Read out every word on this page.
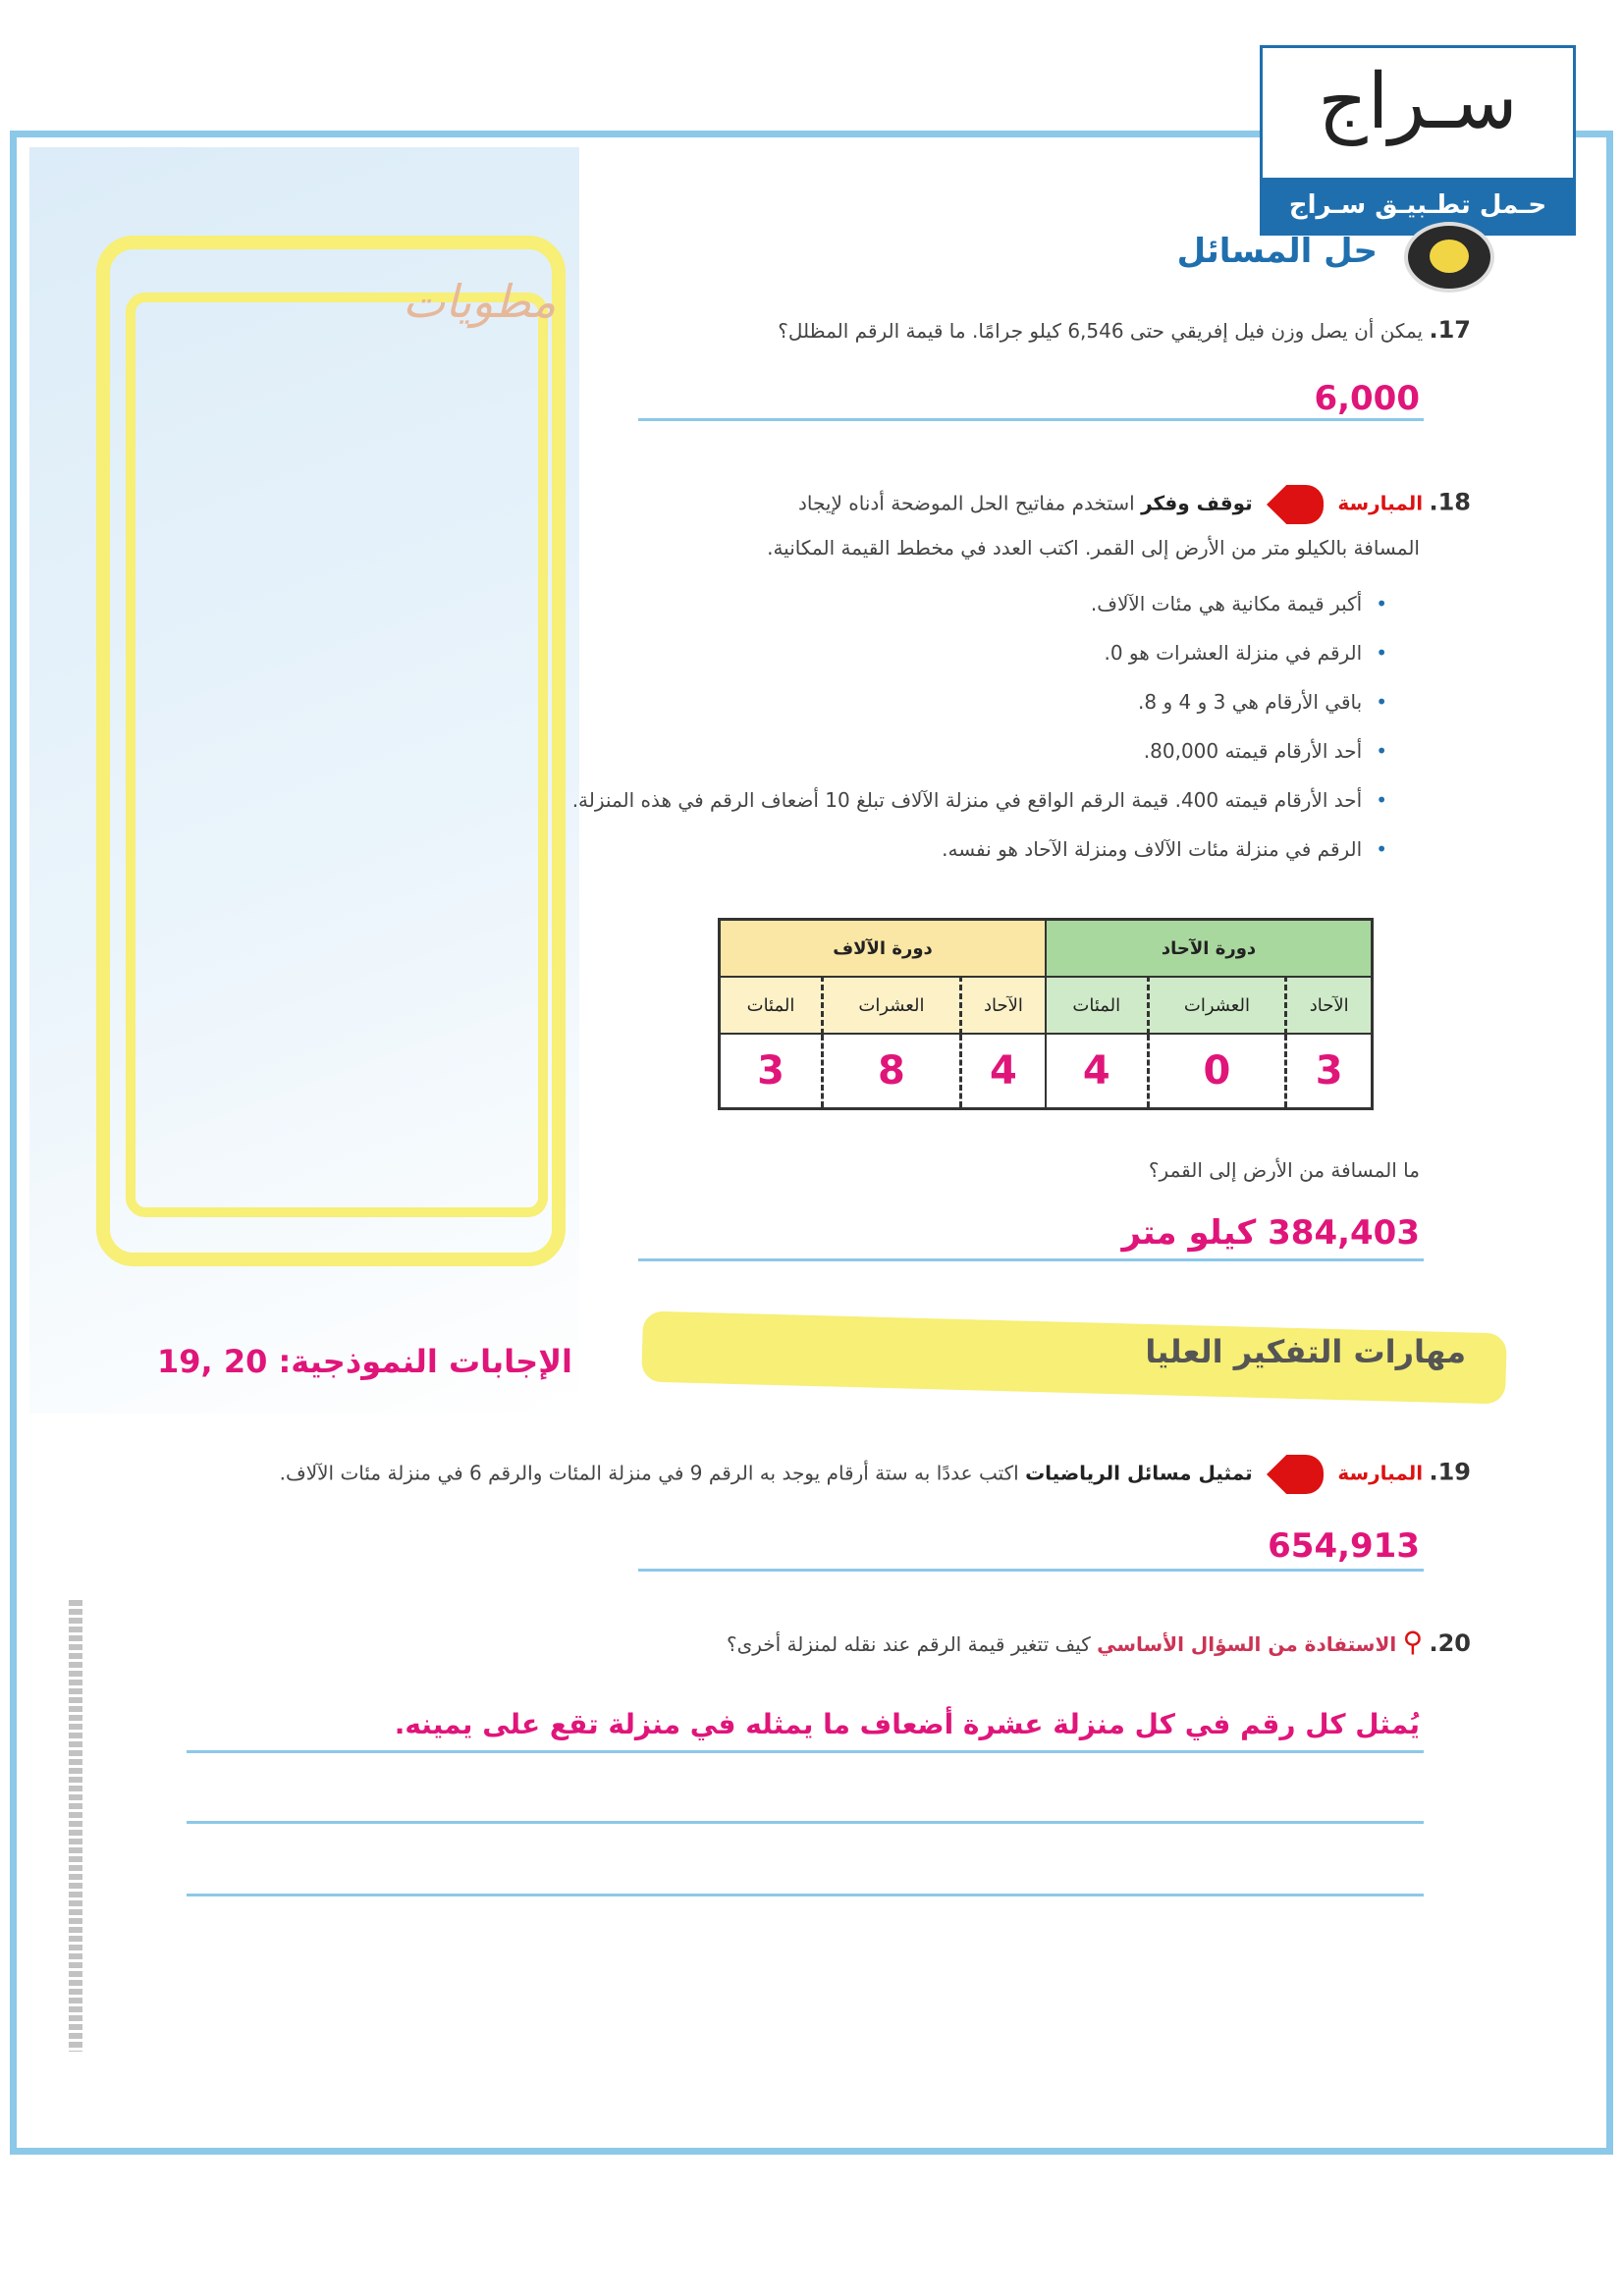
مطويات
سـراج
حـمل تطـبيـق سـراج
حل المسائل
17. يمكن أن يصل وزن فيل إفريقي حتى 6,546 كيلو جرامًا. ما قيمة الرقم المظلل؟
6,000
18. المبارسة  توقف وفكر استخدم مفاتيح الحل الموضحة أدناه لإيجاد
المسافة بالكيلو متر من الأرض إلى القمر. اكتب العدد في مخطط القيمة المكانية.
• أكبر قيمة مكانية هي مئات الآلاف.
• الرقم في منزلة العشرات هو 0.
• باقي الأرقام هي 3 و 4 و 8.
• أحد الأرقام قيمته 80,000.
• أحد الأرقام قيمته 400. قيمة الرقم الواقع في منزلة الآلاف تبلغ 10 أضعاف الرقم في هذه المنزلة.
• الرقم في منزلة مئات الآلاف ومنزلة الآحاد هو نفسه.
دورة الآحاد			دورة الآلاف		
الآحاد	العشرات	المئات	الآحاد	العشرات	المئات
3	0	4	4	8	3
ما المسافة من الأرض إلى القمر؟
384,403 كيلو متر
مهارات التفكير العليا
الإجابات النموذجية: 20 ,19
19. المبارسة  تمثيل مسائل الرياضيات اكتب عددًا به ستة أرقام يوجد به الرقم 9 في منزلة المئات والرقم 6 في منزلة مئات الآلاف.
654,913
20. ⚲ الاستفادة من السؤال الأساسي كيف تتغير قيمة الرقم عند نقله لمنزلة أخرى؟
يُمثل كل رقم في كل منزلة عشرة أضعاف ما يمثله في منزلة تقع على يمينه.
